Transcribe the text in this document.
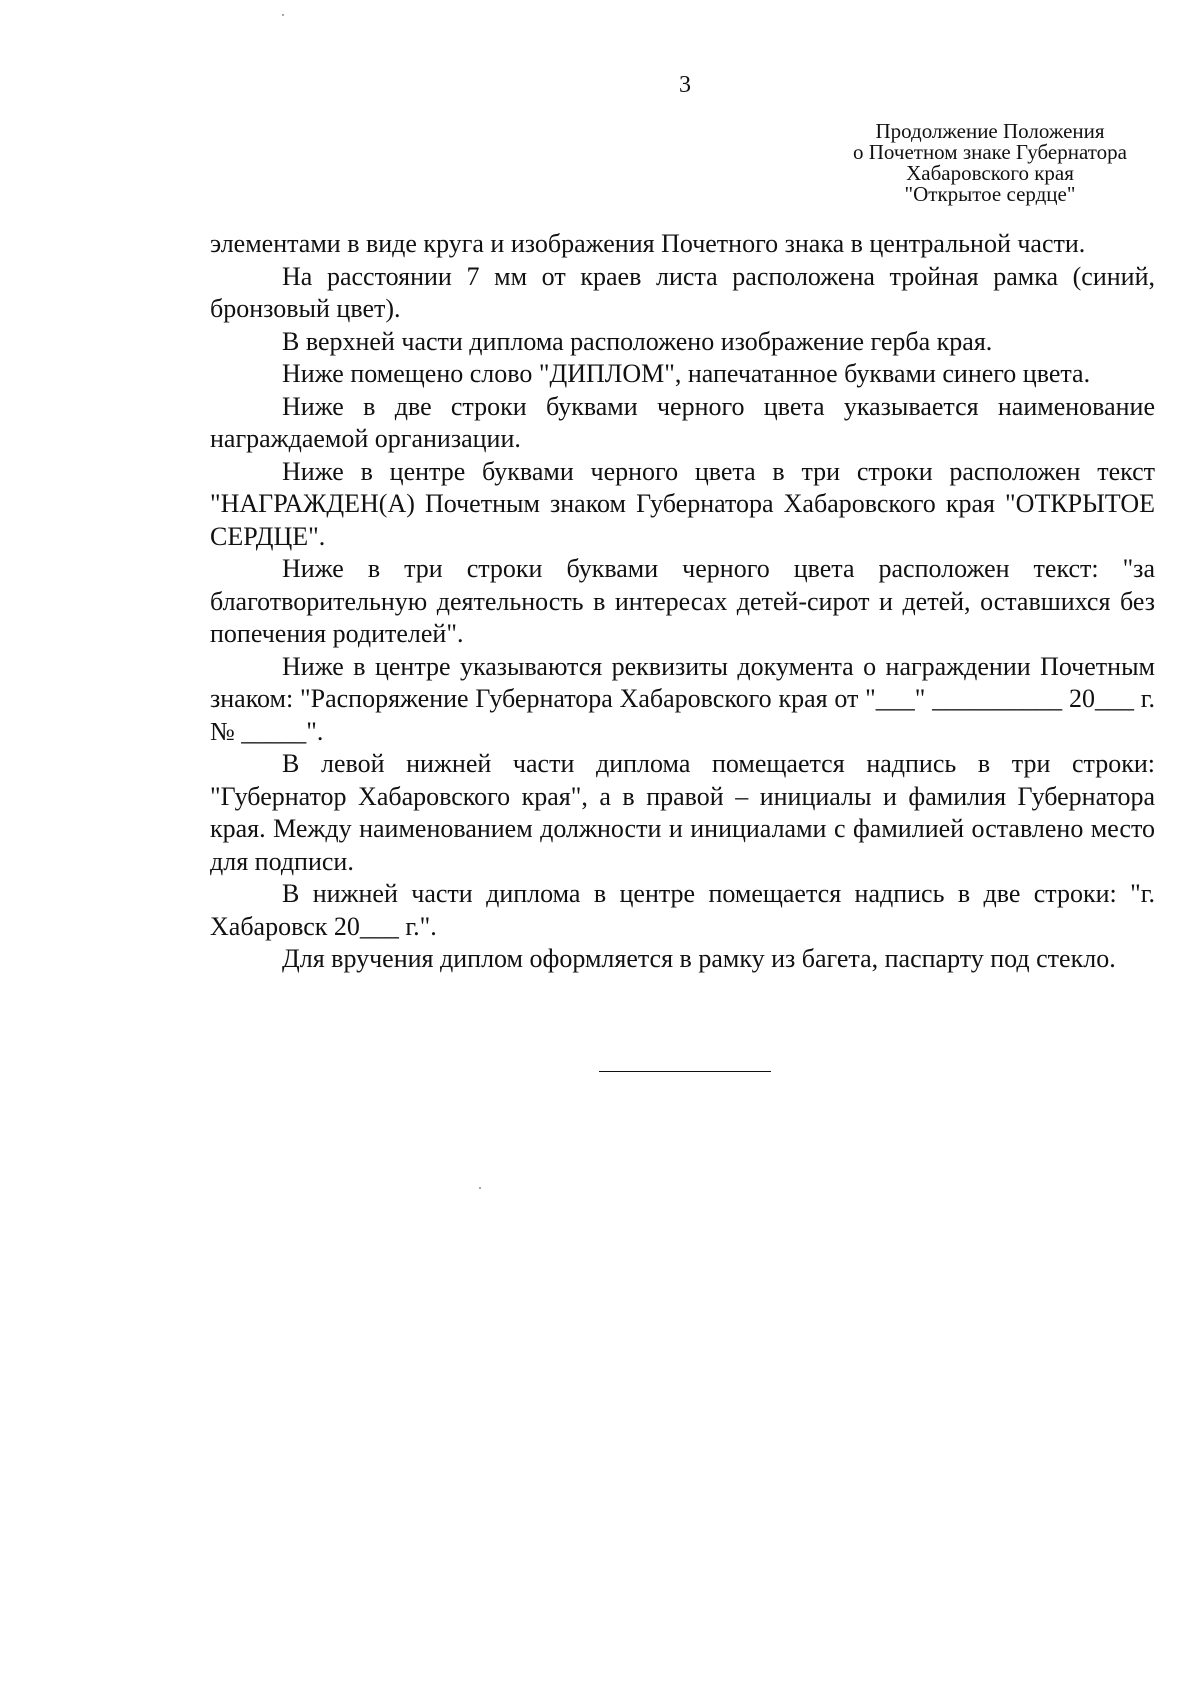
3
Продолжение Положения
о Почетном знаке Губернатора
Хабаровского края
"Открытое сердце"

элементами в виде круга и изображения Почетного знака в центральной части.

На расстоянии 7 мм от краев листа расположена тройная рамка (синий, бронзовый цвет).

В верхней части диплома расположено изображение герба края.

Ниже помещено слово "ДИПЛОМ", напечатанное буквами синего цвета.

Ниже в две строки буквами черного цвета указывается наименование награждаемой организации.

Ниже в центре буквами черного цвета в три строки расположен текст "НАГРАЖДЕН(А) Почетным знаком Губернатора Хабаровского края "ОТКРЫТОЕ СЕРДЦЕ".

Ниже в три строки буквами черного цвета расположен текст: "за благотворительную деятельность в интересах детей-сирот и детей, оставшихся без попечения родителей".

Ниже в центре указываются реквизиты документа о награждении Почетным знаком: "Распоряжение Губернатора Хабаровского края от "___" __________ 20___ г. № _____".

В левой нижней части диплома помещается надпись в три строки: "Губернатор Хабаровского края", а в правой – инициалы и фамилия Губернатора края. Между наименованием должности и инициалами с фамилией оставлено место для подписи.

В нижней части диплома в центре помещается надпись в две строки: "г. Хабаровск 20___ г.".

Для вручения диплом оформляется в рамку из багета, паспарту под стекло.
